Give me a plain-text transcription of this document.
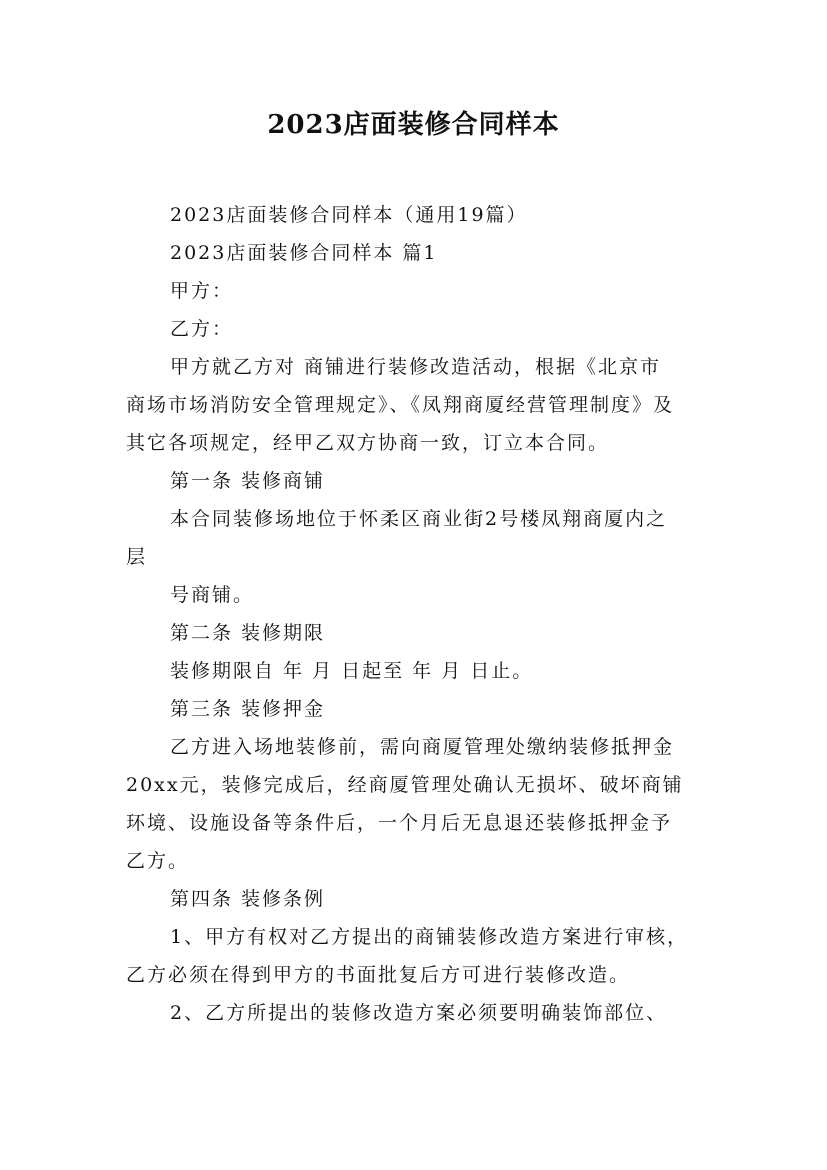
2023店面装修合同样本

2023店面装修合同样本（通用19篇）

2023店面装修合同样本 篇1

甲方：

乙方：

甲方就乙方对 商铺进行装修改造活动，根据《北京市

商场市场消防安全管理规定》、《凤翔商厦经营管理制度》及

其它各项规定，经甲乙双方协商一致，订立本合同。

第一条 装修商铺

本合同装修场地位于怀柔区商业街2号楼凤翔商厦内之

层

号商铺。

第二条 装修期限

装修期限自 年 月 日起至 年 月 日止。

第三条 装修押金

乙方进入场地装修前，需向商厦管理处缴纳装修抵押金

20xx元，装修完成后，经商厦管理处确认无损坏、破坏商铺

环境、设施设备等条件后，一个月后无息退还装修抵押金予

乙方。

第四条 装修条例

1、甲方有权对乙方提出的商铺装修改造方案进行审核，

乙方必须在得到甲方的书面批复后方可进行装修改造。

2、乙方所提出的装修改造方案必须要明确装饰部位、
